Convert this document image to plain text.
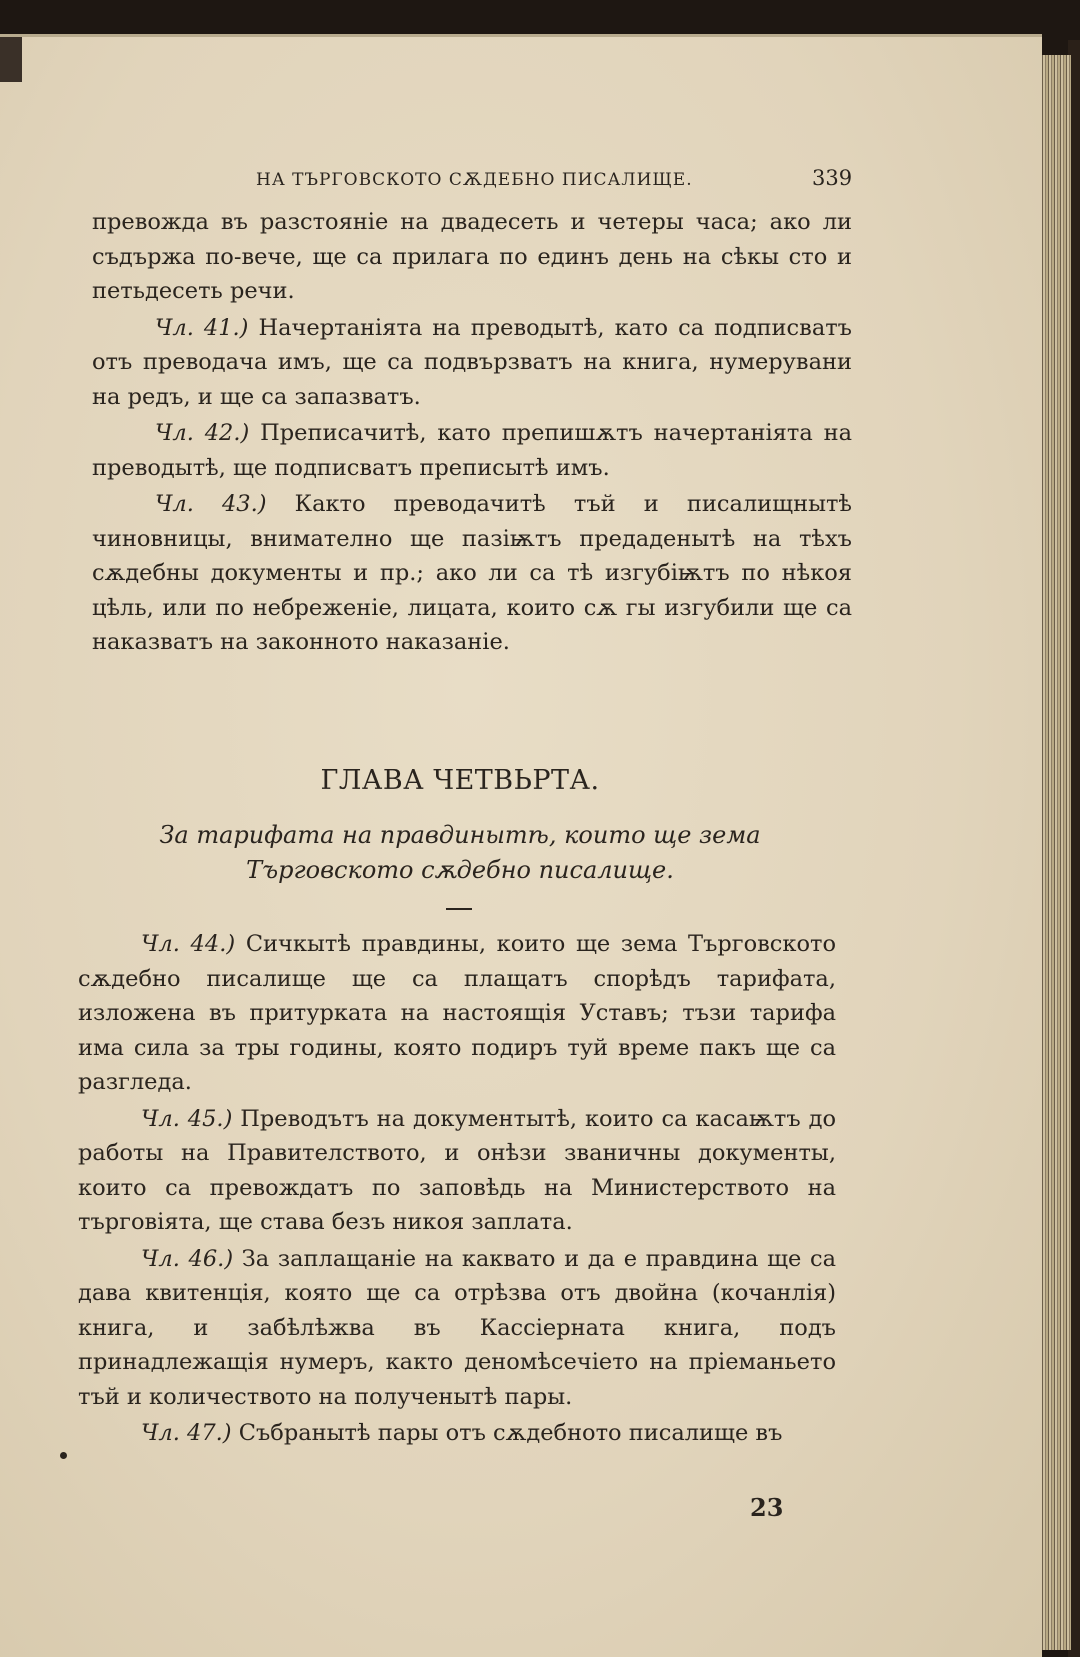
НА ТЪРГОВСКОТО СѪДЕБНО ПИСАЛИЩЕ.	339

превожда въ разстоянiе на двадесеть и четеры часа; ако ли съдържа по-вече, ще са прилага по единъ день на сѣкы сто и петьдесеть речи.

Чл. 41.) Начертанiята на преводытѣ, като са подписватъ отъ преводача имъ, ще са подвързватъ на книга, нумерувани на редъ, и ще са запазватъ.

Чл. 42.) Преписачитѣ, като препишѫтъ начертанiята на преводытѣ, ще подписватъ преписытѣ имъ.

Чл. 43.) Както преводачитѣ тъй и писалищнытѣ чиновницы, внимателно ще пазiѭтъ предаденытѣ на тѣхъ сѫдебны документы и пр.; ако ли са тѣ изгубiѭтъ по нѣкоя цѣль, или по небреженiе, лицата, които сѫ гы изгубили ще са наказватъ на законното наказанiе.

ГЛАВА ЧЕТВЬРТА.
За тарифата на правдинытѣ, които ще зема Търговското сѫдебно писалище.

Чл. 44.) Сичкытѣ правдины, които ще зема Търговското сѫдебно писалище ще са плащатъ спорѣдъ тарифата, изложена въ притурката на настоящiя Уставъ; тъзи тарифа има сила за тры годины, която подиръ туй време пакъ ще са разгледа.

Чл. 45.) Преводътъ на документытѣ, които са касаѭтъ до работы на Правителството, и онѣзи званичны документы, които са превождатъ по заповѣдь на Министерството на търговiята, ще става безъ никоя заплата.

Чл. 46.) За заплащанiе на каквато и да е правдина ще са дава квитенцiя, която ще са отрѣзва отъ двойна (кочанлiя) книга, и забѣлѣжва въ Кассiерната книга, подъ принадлежащiя нумеръ, както деномѣсечiето на прiеманьето тъй и количеството на полученытѣ пары.

Чл. 47.) Събранытѣ пары отъ сѫдебното писалище въ

23
